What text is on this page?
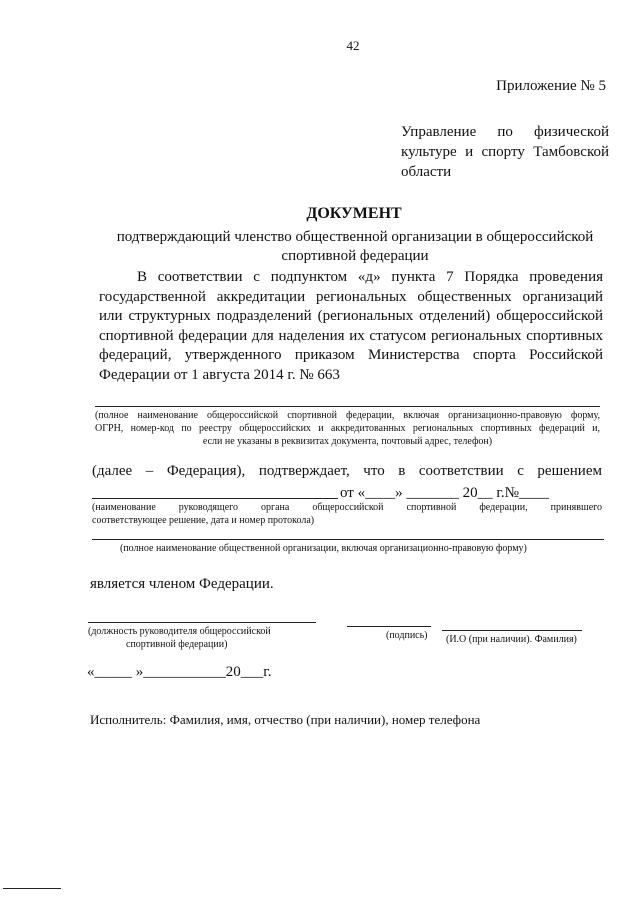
42
Приложение № 5
Управление по физической
культуре и спорту Тамбовской
области
ДОКУМЕНТ
подтверждающий членство общественной организации в общероссийской спортивной федерации
В соответствии с подпунктом «д» пункта 7 Порядка проведения
государственной аккредитации региональных общественных организаций
или структурных подразделений (региональных отделений) общероссийской
спортивной федерации для наделения их статусом региональных спортивных
федераций, утвержденного приказом Министерства спорта Российской
Федерации от 1 августа 2014 г. № 663
(полное наименование общероссийской спортивной федерации, включая организационно-правовую форму,
ОГРН, номер-код по реестру общероссийских и аккредитованных региональных спортивных федераций и,
если не указаны в реквизитах документа, почтовый адрес, телефон)
(далее – Федерация), подтверждает, что в соответствии с решением
от «____» _______ 20__ г.№____
(наименование руководящего органа общероссийской спортивной федерации, принявшего
соответствующее решение, дата и номер протокола)
(полное наименование общественной организации, включая организационно-правовую форму)
является членом Федерации.
(должность руководителя общероссийской
спортивной федерации)
(подпись) (И.О (при наличии). Фамилия)
«_____ »___________20___г.
Исполнитель: Фамилия, имя, отчество (при наличии), номер телефона
